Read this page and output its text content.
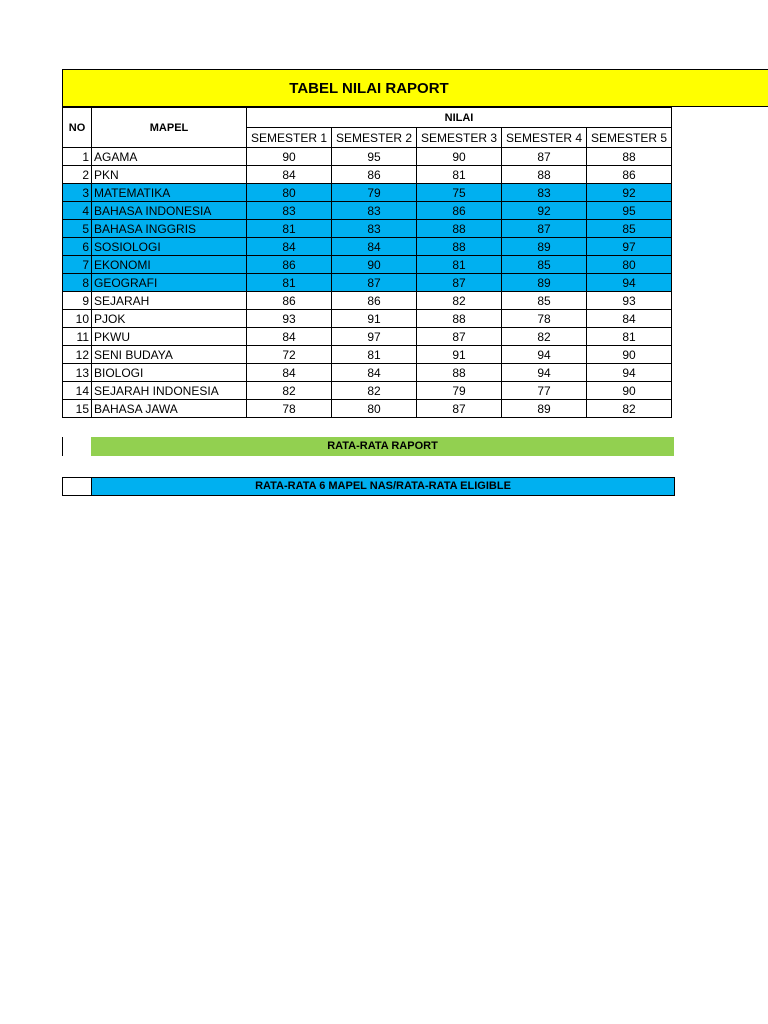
TABEL NILAI RAPORT
NO	MAPEL	NILAI				
		SEMESTER 1	SEMESTER 2	SEMESTER 3	SEMESTER 4	SEMESTER 5
1	AGAMA	90	95	90	87	88
2	PKN	84	86	81	88	86
3	MATEMATIKA	80	79	75	83	92
4	BAHASA INDONESIA	83	83	86	92	95
5	BAHASA INGGRIS	81	83	88	87	85
6	SOSIOLOGI	84	84	88	89	97
7	EKONOMI	86	90	81	85	80
8	GEOGRAFI	81	87	87	89	94
9	SEJARAH	86	86	82	85	93
10	PJOK	93	91	88	78	84
11	PKWU	84	97	87	82	81
12	SENI BUDAYA	72	81	91	94	90
13	BIOLOGI	84	84	88	94	94
14	SEJARAH INDONESIA	82	82	79	77	90
15	BAHASA JAWA	78	80	87	89	82
RATA-RATA RAPORT
RATA-RATA 6 MAPEL NAS/RATA-RATA ELIGIBLE
